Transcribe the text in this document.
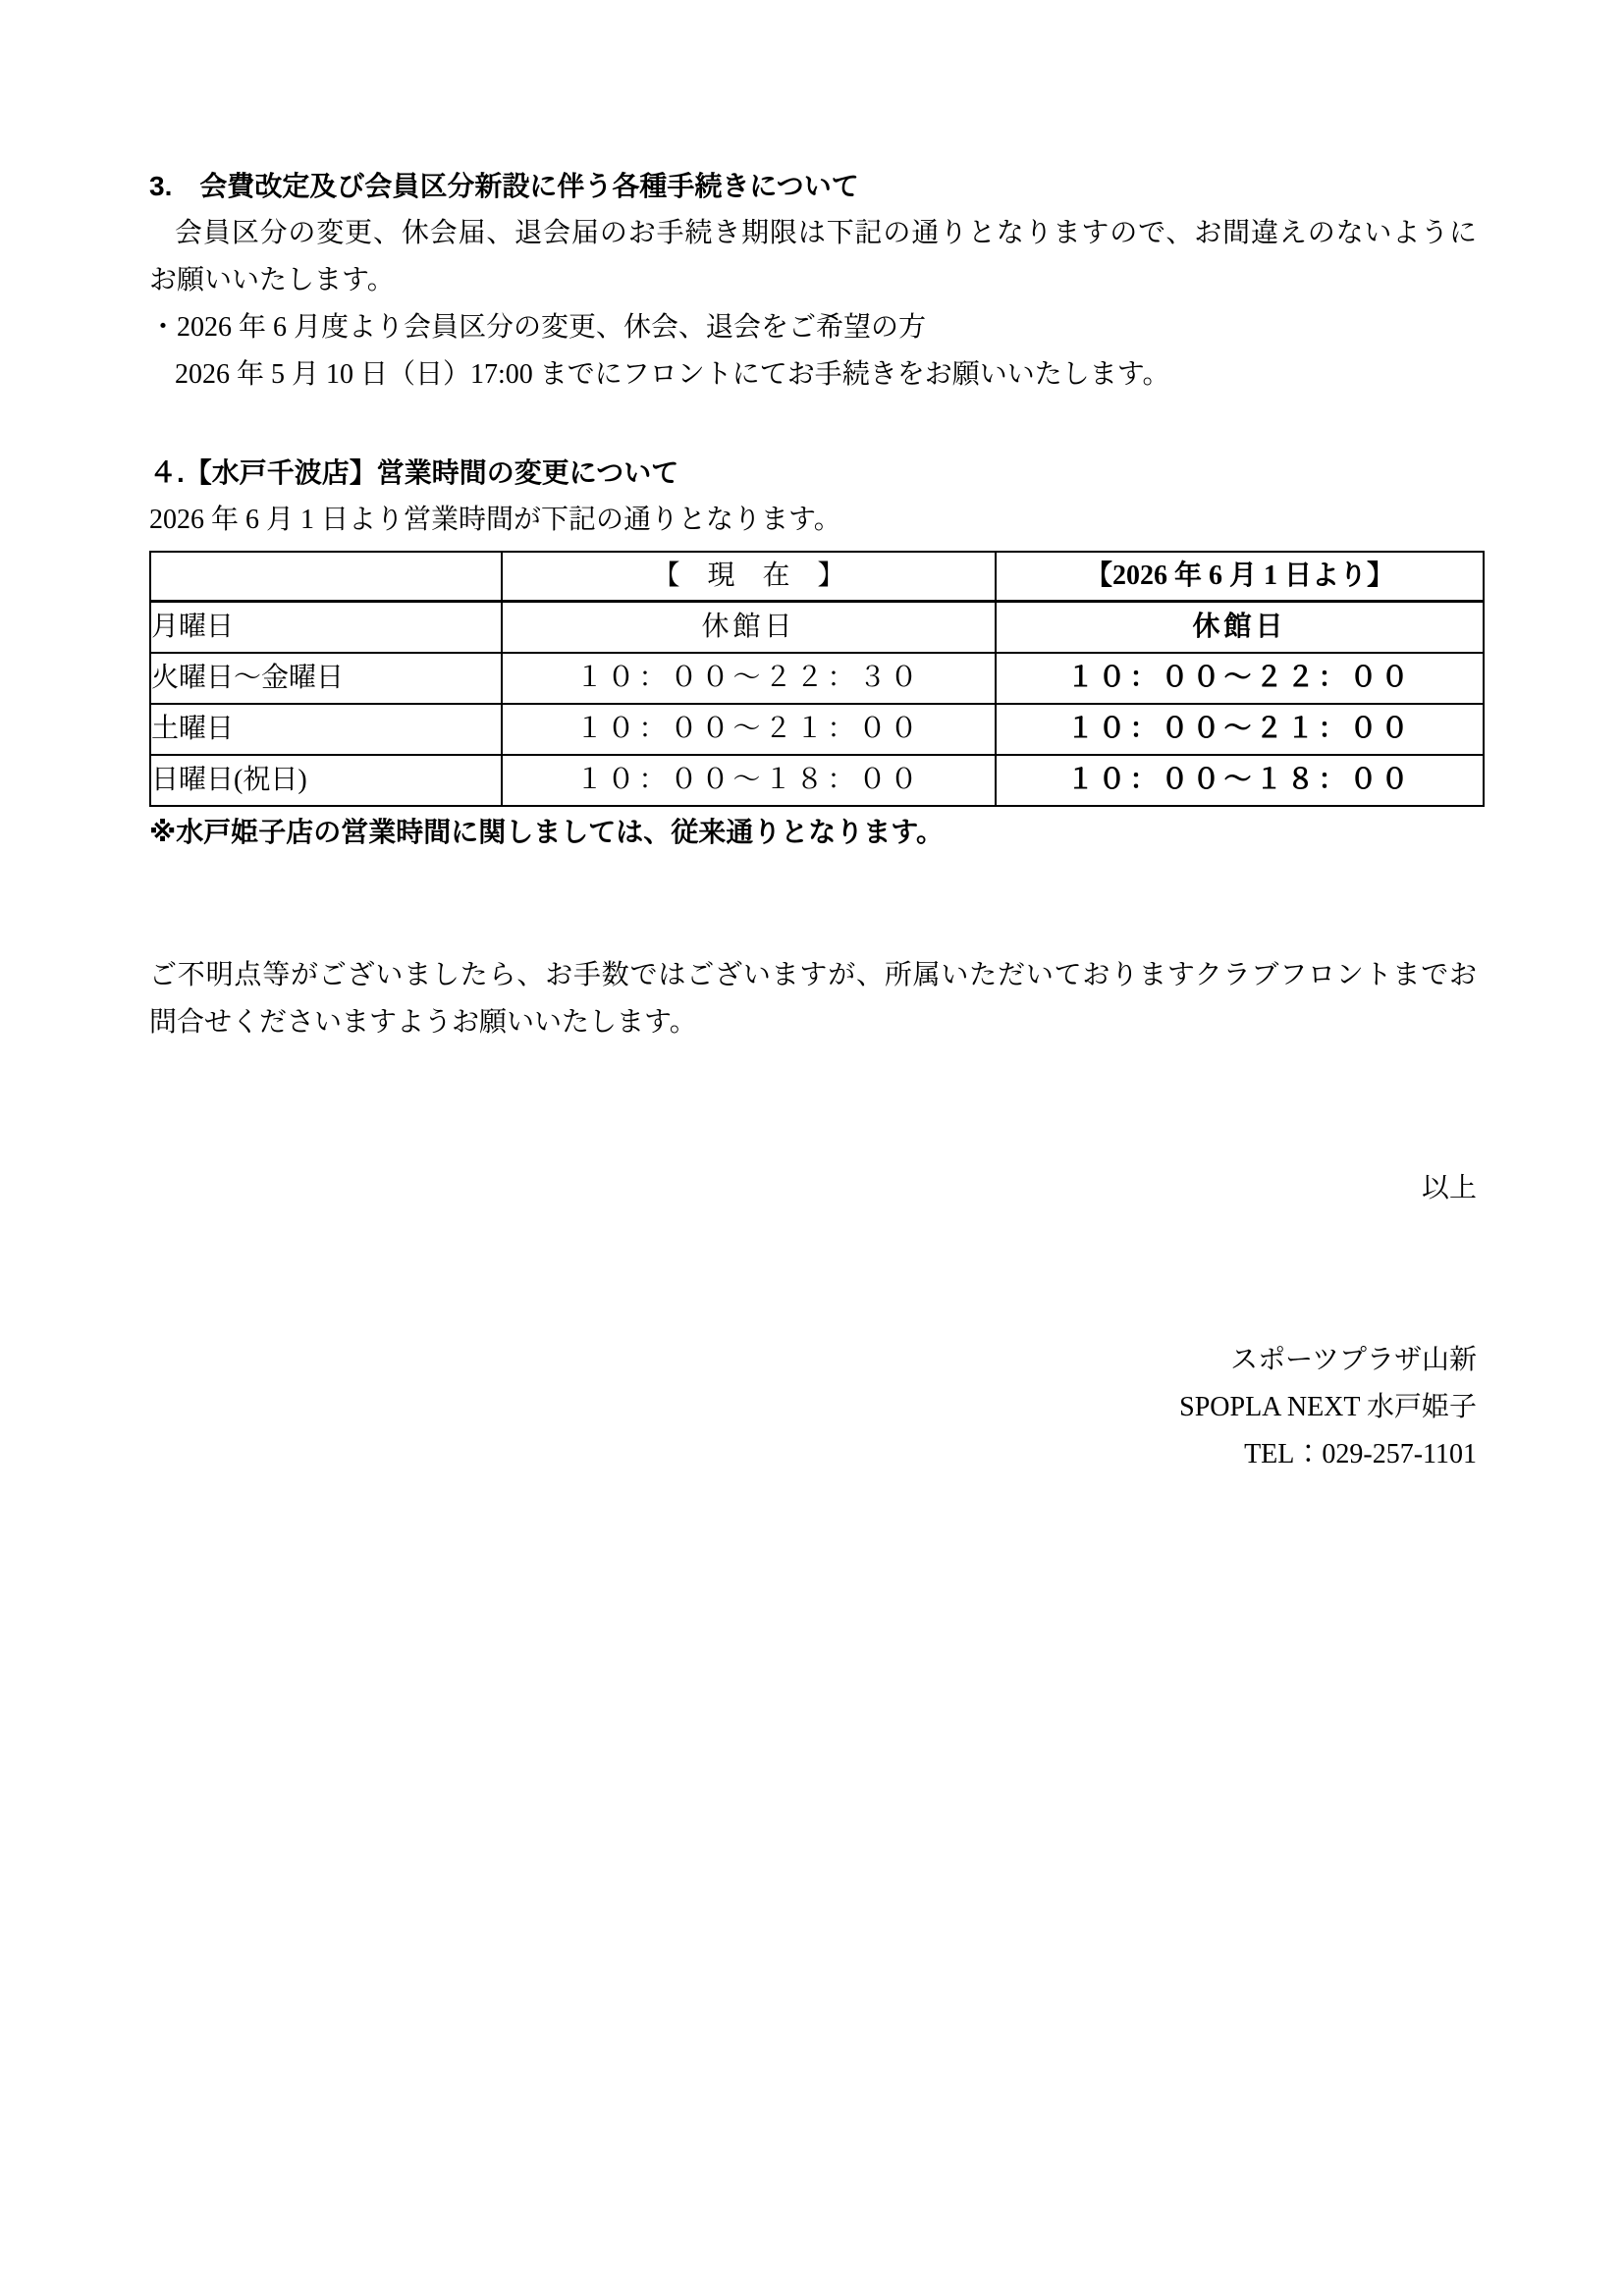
3.　会費改定及び会員区分新設に伴う各種手続きについて
会員区分の変更、休会届、退会届のお手続き期限は下記の通りとなりますので、お間違えのないように
お願いいたします。
・2026 年 6 月度より会員区分の変更、休会、退会をご希望の方
2026 年 5 月 10 日（日）17:00 までにフロントにてお手続きをお願いいたします。
４.【水戸千波店】営業時間の変更について
2026 年 6 月 1 日より営業時間が下記の通りとなります。
	【　現　在　】	【2026 年 6 月 1 日より】
月曜日	休館日	休館日
火曜日～金曜日	１０：００～２２：３０	１０：００～２２：００
土曜日	１０：００～２１：００	１０：００～２１：００
日曜日(祝日)	１０：００～１８：００	１０：００～１８：００
※水戸姫子店の営業時間に関しましては、従来通りとなります。
ご不明点等がございましたら、お手数ではございますが、所属いただいておりますクラブフロントまでお
問合せくださいますようお願いいたします。
以上
スポーツプラザ山新
SPOPLA NEXT 水戸姫子
TEL：029-257-1101
